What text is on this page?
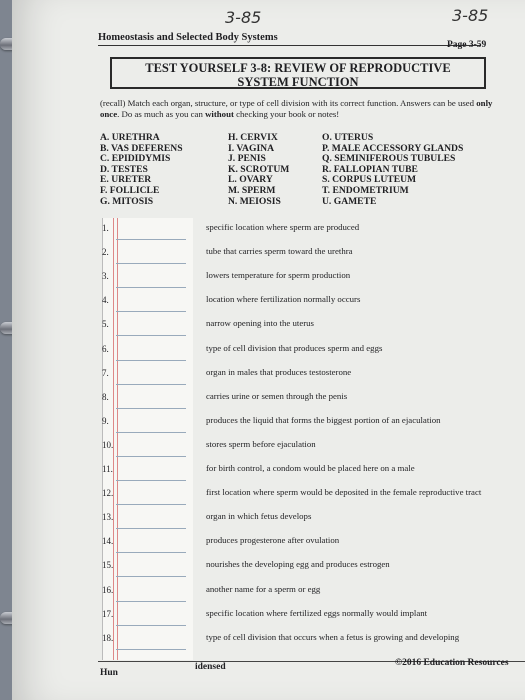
3-85	3-85
Homeostasis and Selected Body Systems
Page 3-59
TEST YOURSELF 3-8: REVIEW OF REPRODUCTIVE
SYSTEM FUNCTION
(recall) Match each organ, structure, or type of cell division with its correct function. Answers can be used only once. Do as much as you can without checking your book or notes!
A. URETHRA
B. VAS DEFERENS
C. EPIDIDYMIS
D. TESTES
E. URETER
F. FOLLICLE
G. MITOSIS
H. CERVIX
I. VAGINA
J. PENIS
K. SCROTUM
L. OVARY
M. SPERM
N. MEIOSIS
O. UTERUS
P. MALE ACCESSORY GLANDS
Q. SEMINIFEROUS TUBULES
R. FALLOPIAN TUBE
S. CORPUS LUTEUM
T. ENDOMETRIUM
U. GAMETE
1.	specific location where sperm are produced
2.	tube that carries sperm toward the urethra
3.	lowers temperature for sperm production
4.	location where fertilization normally occurs
5.	narrow opening into the uterus
6.	type of cell division that produces sperm and eggs
7.	organ in males that produces testosterone
8.	carries urine or semen through the penis
9.	produces the liquid that forms the biggest portion of an ejaculation
10.	stores sperm before ejaculation
11.	for birth control, a condom would be placed here on a male
12.	first location where sperm would be deposited in the female reproductive tract
13.	organ in which fetus develops
14.	produces progesterone after ovulation
15.	nourishes the developing egg and produces estrogen
16.	another name for a sperm or egg
17.	specific location where fertilized eggs normally would implant
18.	type of cell division that occurs when a fetus is growing and developing
Hun
idensed	©2016 Education Resources
